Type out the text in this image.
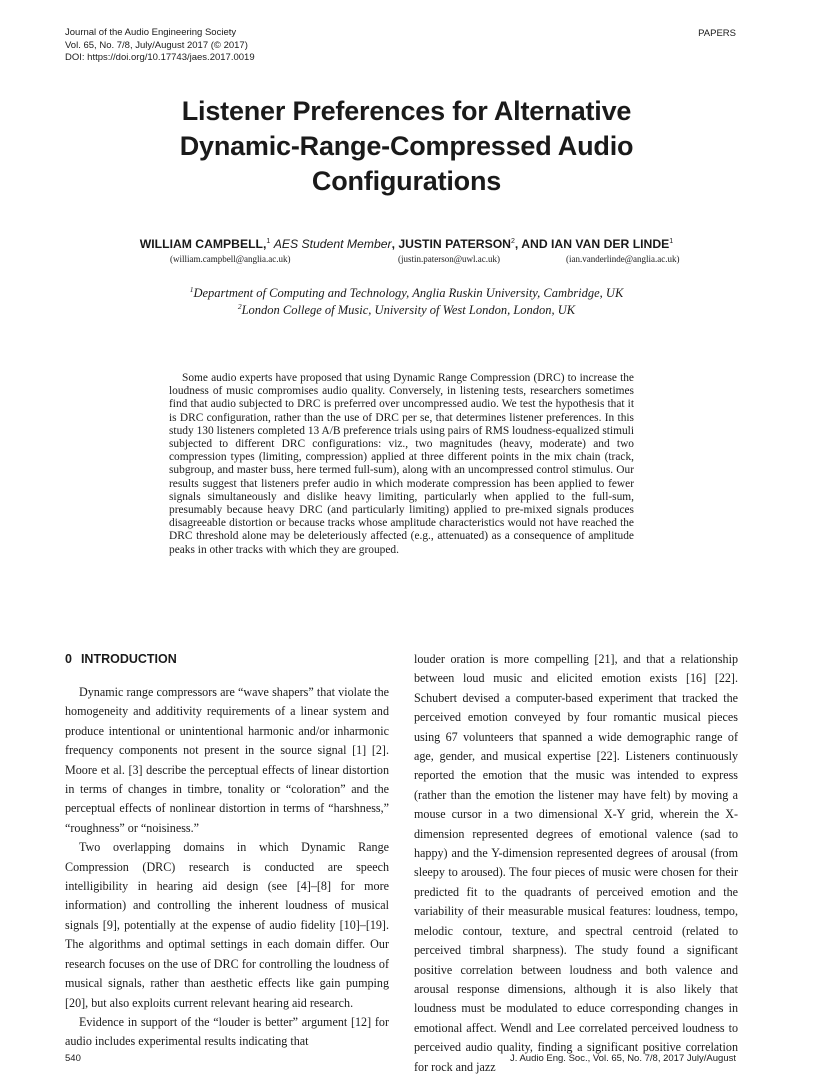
Journal of the Audio Engineering Society
Vol. 65, No. 7/8, July/August 2017 (© 2017)
DOI: https://doi.org/10.17743/jaes.2017.0019
PAPERS
Listener Preferences for Alternative
Dynamic-Range-Compressed Audio
Configurations
WILLIAM CAMPBELL,$^1$ AES Student Member, JUSTIN PATERSON$^2$, AND IAN VAN DER LINDE$^1$
(william.campbell@anglia.ac.uk)	(justin.paterson@uwl.ac.uk)	(ian.vanderlinde@anglia.ac.uk)
$^1$Department of Computing and Technology, Anglia Ruskin University, Cambridge, UK
$^2$London College of Music, University of West London, London, UK

Some audio experts have proposed that using Dynamic Range Compression (DRC) to increase the loudness of music compromises audio quality. Conversely, in listening tests, researchers sometimes find that audio subjected to DRC is preferred over uncompressed audio. We test the hypothesis that it is DRC configuration, rather than the use of DRC per se, that determines listener preferences. In this study 130 listeners completed 13 A/B preference trials using pairs of RMS loudness-equalized stimuli subjected to different DRC configurations: viz., two magnitudes (heavy, moderate) and two compression types (limiting, compression) applied at three different points in the mix chain (track, subgroup, and master buss, here termed full-sum), along with an uncompressed control stimulus. Our results suggest that listeners prefer audio in which moderate compression has been applied to fewer signals simultaneously and dislike heavy limiting, particularly when applied to the full-sum, presumably because heavy DRC (and particularly limiting) applied to pre-mixed signals produces disagreeable distortion or because tracks whose amplitude characteristics would not have reached the DRC threshold alone may be deleteriously affected (e.g., attenuated) as a consequence of amplitude peaks in other tracks with which they are grouped.

0 INTRODUCTION

Dynamic range compressors are “wave shapers” that violate the homogeneity and additivity requirements of a linear system and produce intentional or unintentional harmonic and/or inharmonic frequency components not present in the source signal [1] [2]. Moore et al. [3] describe the perceptual effects of linear distortion in terms of changes in timbre, tonality or “coloration” and the perceptual effects of nonlinear distortion in terms of “harshness,” “roughness” or “noisiness.”

Two overlapping domains in which Dynamic Range Compression (DRC) research is conducted are speech intelligibility in hearing aid design (see [4]–[8] for more information) and controlling the inherent loudness of musical signals [9], potentially at the expense of audio fidelity [10]–[19]. The algorithms and optimal settings in each domain differ. Our research focuses on the use of DRC for controlling the loudness of musical signals, rather than aesthetic effects like gain pumping [20], but also exploits current relevant hearing aid research.

Evidence in support of the “louder is better” argument [12] for audio includes experimental results indicating that

louder oration is more compelling [21], and that a relationship between loud music and elicited emotion exists [16] [22]. Schubert devised a computer-based experiment that tracked the perceived emotion conveyed by four romantic musical pieces using 67 volunteers that spanned a wide demographic range of age, gender, and musical expertise [22]. Listeners continuously reported the emotion that the music was intended to express (rather than the emotion the listener may have felt) by moving a mouse cursor in a two dimensional X-Y grid, wherein the X-dimension represented degrees of emotional valence (sad to happy) and the Y-dimension represented degrees of arousal (from sleepy to aroused). The four pieces of music were chosen for their predicted fit to the quadrants of perceived emotion and the variability of their measurable musical features: loudness, tempo, melodic contour, texture, and spectral centroid (related to perceived timbral sharpness). The study found a significant positive correlation between loudness and both valence and arousal response dimensions, although it is also likely that loudness must be modulated to educe corresponding changes in emotional affect. Wendl and Lee correlated perceived loudness to perceived audio quality, finding a significant positive correlation for rock and jazz

540	J. Audio Eng. Soc., Vol. 65, No. 7/8, 2017 July/August
